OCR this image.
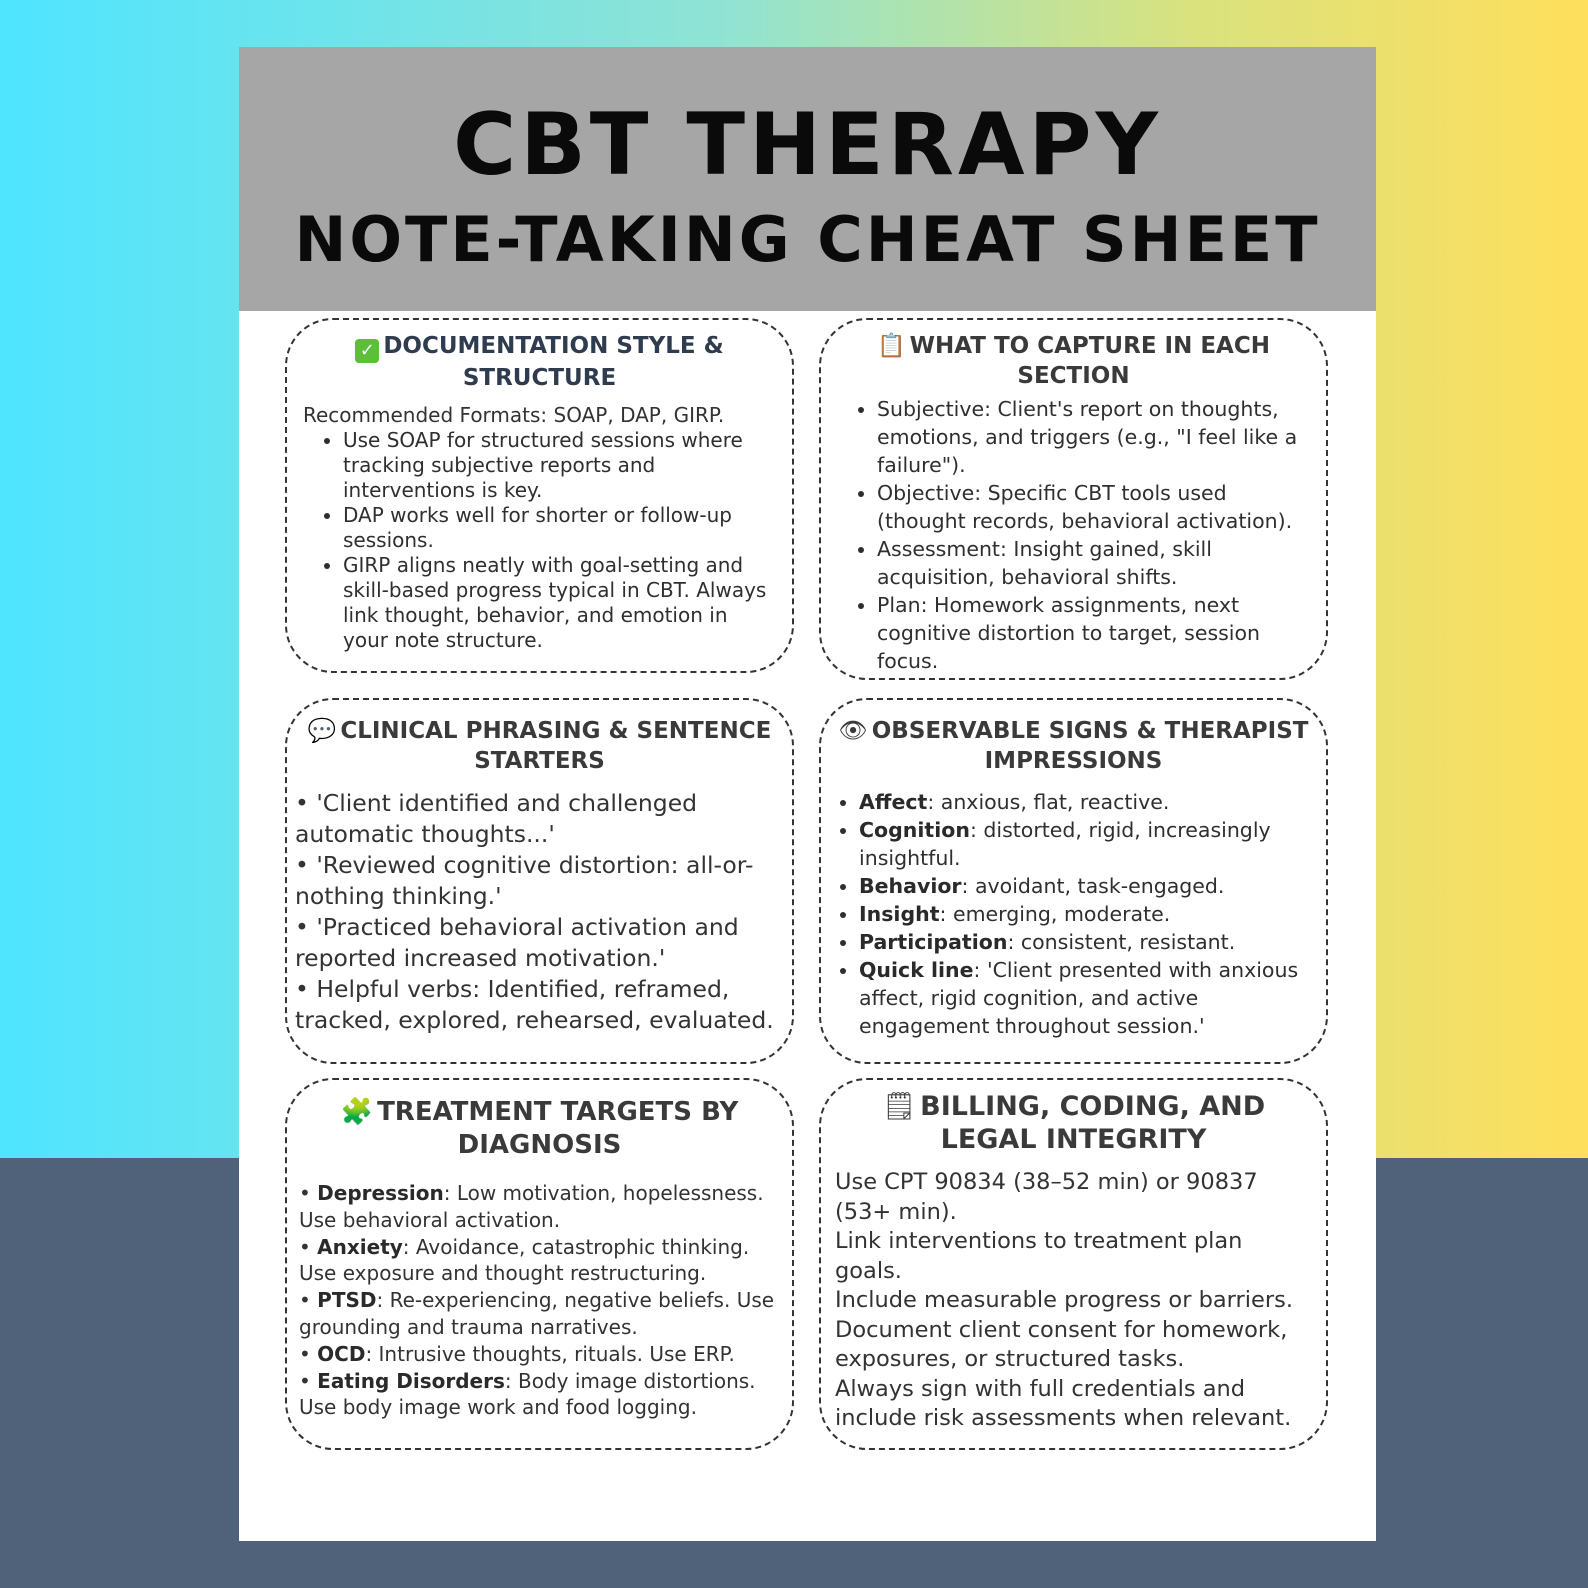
CBT THERAPY
NOTE-TAKING CHEAT SHEET
✓ DOCUMENTATION STYLE & STRUCTURE
Recommended Formats: SOAP, DAP, GIRP.
• Use SOAP for structured sessions where tracking subjective reports and interventions is key.
• DAP works well for shorter or follow-up sessions.
• GIRP aligns neatly with goal-setting and skill-based progress typical in CBT. Always link thought, behavior, and emotion in your note structure.
📋 WHAT TO CAPTURE IN EACH SECTION
• Subjective: Client's report on thoughts, emotions, and triggers (e.g., "I feel like a failure").
• Objective: Specific CBT tools used (thought records, behavioral activation).
• Assessment: Insight gained, skill acquisition, behavioral shifts.
• Plan: Homework assignments, next cognitive distortion to target, session focus.
💬 CLINICAL PHRASING & SENTENCE STARTERS
• 'Client identified and challenged automatic thoughts...'
• 'Reviewed cognitive distortion: all-or-nothing thinking.'
• 'Practiced behavioral activation and reported increased motivation.'
• Helpful verbs: Identified, reframed, tracked, explored, rehearsed, evaluated.
👁 OBSERVABLE SIGNS & THERAPIST IMPRESSIONS
• Affect: anxious, flat, reactive.
• Cognition: distorted, rigid, increasingly insightful.
• Behavior: avoidant, task-engaged.
• Insight: emerging, moderate.
• Participation: consistent, resistant.
• Quick line: 'Client presented with anxious affect, rigid cognition, and active engagement throughout session.'
🧩 TREATMENT TARGETS BY DIAGNOSIS
• Depression: Low motivation, hopelessness. Use behavioral activation.
• Anxiety: Avoidance, catastrophic thinking. Use exposure and thought restructuring.
• PTSD: Re-experiencing, negative beliefs. Use grounding and trauma narratives.
• OCD: Intrusive thoughts, rituals. Use ERP.
• Eating Disorders: Body image distortions. Use body image work and food logging.
🗒 BILLING, CODING, AND LEGAL INTEGRITY

Use CPT 90834 (38–52 min) or 90837 (53+ min).

Link interventions to treatment plan goals.

Include measurable progress or barriers.

Document client consent for homework, exposures, or structured tasks.

Always sign with full credentials and include risk assessments when relevant.
